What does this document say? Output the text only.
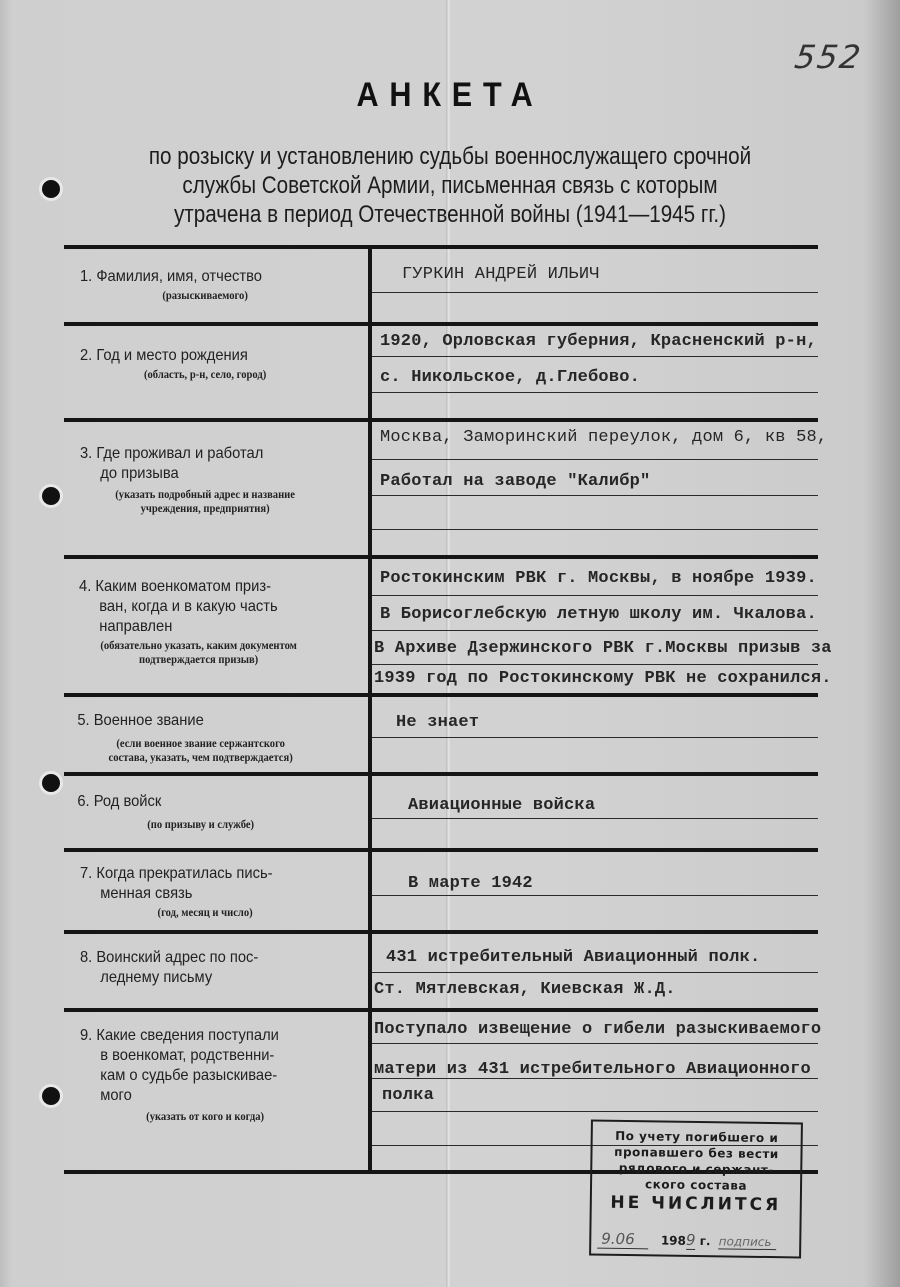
552
АНКЕТА
по розыску и установлению судьбы военнослужащего срочной
службы Советской Армии, письменная связь с которым
утрачена в период Отечественной войны (1941—1945 гг.)
1. Фамилия, имя, отчество
(разыскиваемого)
ГУРКИН АНДРЕЙ ИЛЬИЧ
2. Год и место рождения
(область, р-н, село, город)
1920, Орловская губерния, Красненский р-н,
с. Никольское, д.Глебово.
3. Где проживал и работал
до призыва
(указать подробный адрес и название
учреждения, предприятия)
Москва, Заморинский переулок, дом 6, кв 58,
Работал на заводе "Калибр"
4. Каким военкоматом приз-
ван, когда и в какую часть
направлен
(обязательно указать, каким документом
подтверждается призыв)
Ростокинским РВК г. Москвы, в ноябре 1939.
В Борисоглебскую летную школу им. Чкалова.
В Архиве Дзержинского РВК г.Москвы призыв за
1939 год по Ростокинскому РВК не сохранился.
5. Военное звание
(если военное звание сержантского
состава, указать, чем подтверждается)
Не знает
6. Род войск
(по призыву и службе)
Авиационные войска
7. Когда прекратилась пись-
менная связь
(год, месяц и число)
В марте 1942
8. Воинский адрес по пос-
леднему письму
431 истребительный Авиационный полк.
Ст. Мятлевская, Киевская Ж.Д.
9. Какие сведения поступали
в военкомат, родственни-
кам о судьбе разыскивае-
мого
(указать от кого и когда)
Поступало извещение о гибели разыскиваемого
матери из 431 истребительного Авиационного
полка
По учету погибшего и
пропавшего без вести
рядового и сержант-
ского состава
НЕ ЧИСЛИТСЯ
9.06 1989 г. подпись
